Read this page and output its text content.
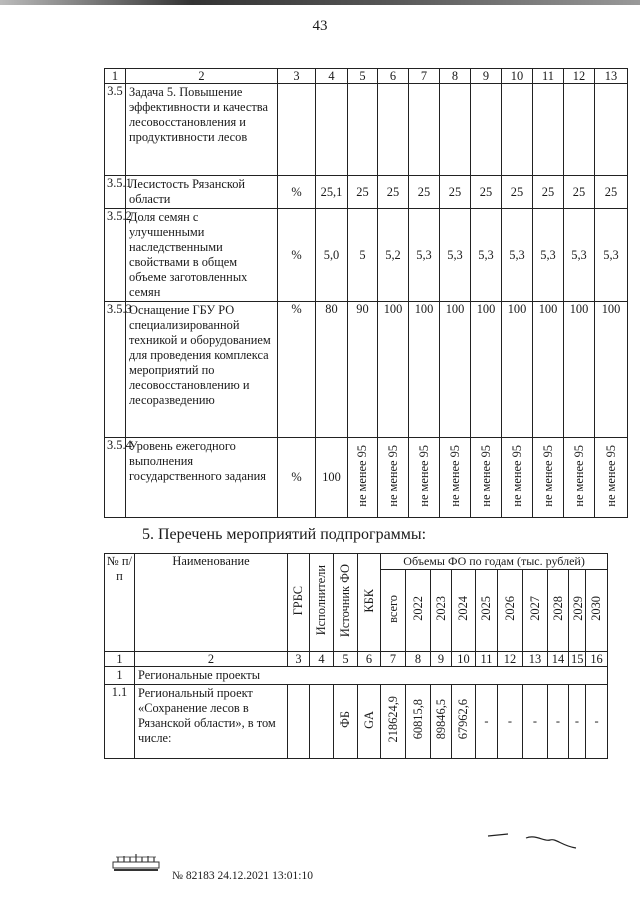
43
1	2	3	4	5	6	7	8	9	10	11	12	13
3.5	Задача 5. Повышение эффективности и качества лесовосстановления и продуктивности лесов											
3.5.1	Лесистость Рязанской области	%	25,1	25	25	25	25	25	25	25	25	25
3.5.2	Доля семян с улучшенными наследственными свойствами в общем объеме заготовленных семян	%	5,0	5	5,2	5,3	5,3	5,3	5,3	5,3	5,3	5,3
3.5.3	Оснащение ГБУ РО специализированной техникой и оборудованием для проведения комплекса мероприятий по лесовосстановлению и лесоразведению	%	80	90	100	100	100	100	100	100	100	100
3.5.4	Уровень ежегодного выполнения государственного задания	%	100	не менее 95	не менее 95	не менее 95	не менее 95	не менее 95	не менее 95	не менее 95	не менее 95	не менее 95
5. Перечень мероприятий подпрограммы:
№ п/п	Наименование	ГРБС	Исполнители	Источник ФО	КБК	Объемы ФО по годам (тыс. рублей)									
						всего	2022	2023	2024	2025	2026	2027	2028	2029	2030
1	2	3	4	5	6	7	8	9	10	11	12	13	14	15	16
1	Региональные проекты														
1.1	Региональный проект «Сохранение лесов в Рязанской области», в том числе:			ФБ	GA	218624,9	60815,8	89846,5	67962,6	-	-	-	-	-	-
№ 82183 24.12.2021 13:01:10
